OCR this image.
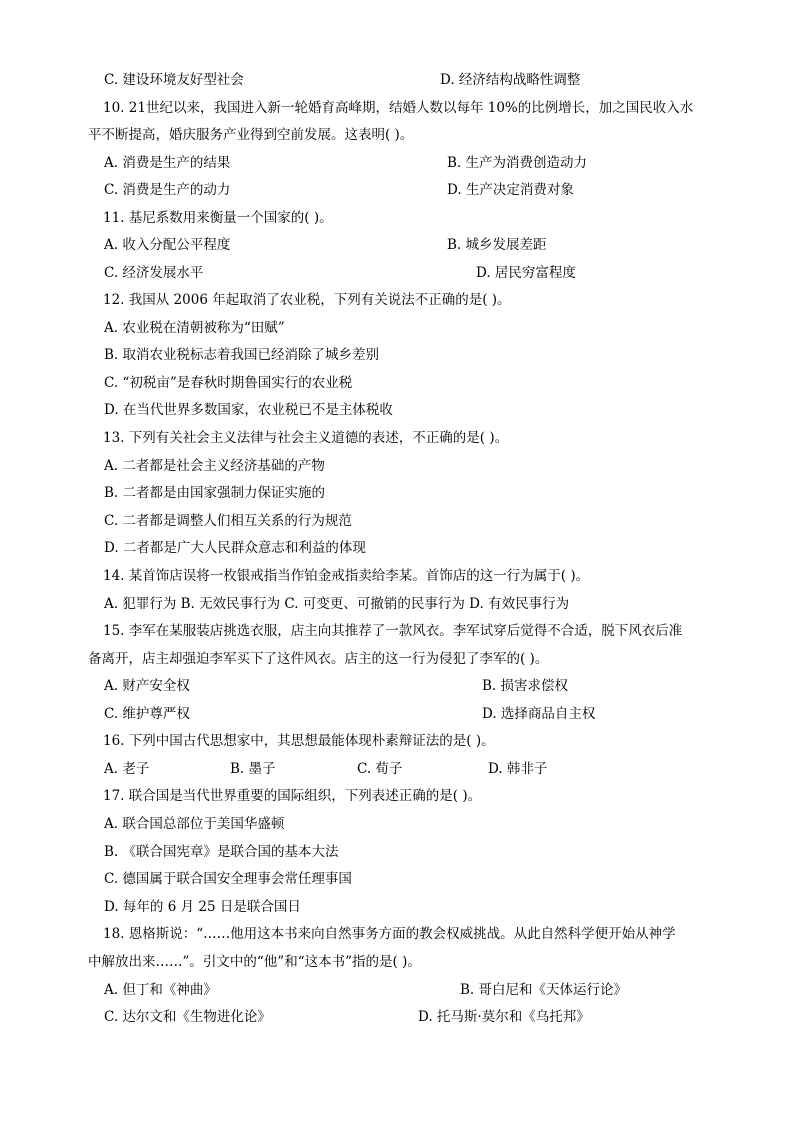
C. 建设环境友好型社会	D. 经济结构战略性调整
10. 21世纪以来，我国进入新一轮婚育高峰期，结婚人数以每年 10%的比例增长，加之国民收入水
平不断提高，婚庆服务产业得到空前发展。这表明( )。
A. 消费是生产的结果	B. 生产为消费创造动力
C. 消费是生产的动力	D. 生产决定消费对象
11. 基尼系数用来衡量一个国家的( )。
A. 收入分配公平程度	B. 城乡发展差距
C. 经济发展水平	D. 居民穷富程度
12. 我国从 2006 年起取消了农业税，下列有关说法不正确的是( )。
A. 农业税在清朝被称为“田赋”
B. 取消农业税标志着我国已经消除了城乡差别
C. “初税亩”是春秋时期鲁国实行的农业税
D. 在当代世界多数国家，农业税已不是主体税收
13. 下列有关社会主义法律与社会主义道德的表述，不正确的是( )。
A. 二者都是社会主义经济基础的产物
B. 二者都是由国家强制力保证实施的
C. 二者都是调整人们相互关系的行为规范
D. 二者都是广大人民群众意志和利益的体现
14. 某首饰店误将一枚银戒指当作铂金戒指卖给李某。首饰店的这一行为属于( )。
A. 犯罪行为 B. 无效民事行为 C. 可变更、可撤销的民事行为 D. 有效民事行为
15. 李军在某服装店挑选衣服，店主向其推荐了一款风衣。李军试穿后觉得不合适，脱下风衣后准
备离开，店主却强迫李军买下了这件风衣。店主的这一行为侵犯了李军的( )。
A. 财产安全权	B. 损害求偿权
C. 维护尊严权	D. 选择商品自主权
16. 下列中国古代思想家中，其思想最能体现朴素辩证法的是( )。
A. 老子	B. 墨子	C. 荀子	D. 韩非子
17. 联合国是当代世界重要的国际组织，下列表述正确的是( )。
A. 联合国总部位于美国华盛顿
B. 《联合国宪章》是联合国的基本大法
C. 德国属于联合国安全理事会常任理事国
D. 每年的 6 月 25 日是联合国日
18. 恩格斯说：“……他用这本书来向自然事务方面的教会权威挑战。从此自然科学便开始从神学
中解放出来……”。引文中的“他”和“这本书”指的是( )。
A. 但丁和《神曲》	B. 哥白尼和《天体运行论》
C. 达尔文和《生物进化论》	D. 托马斯·莫尔和《乌托邦》
